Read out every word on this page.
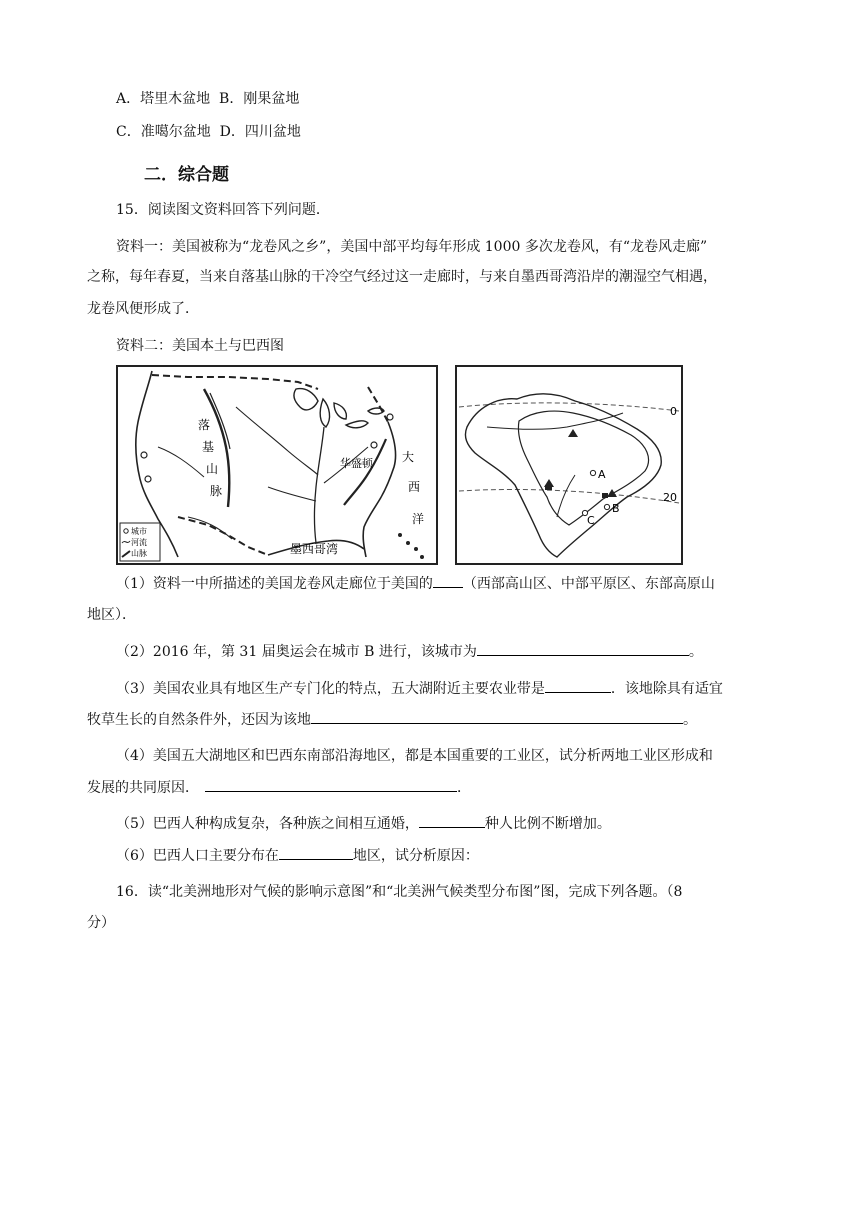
A．塔里木盆地 B．刚果盆地
C．准噶尔盆地 D．四川盆地
二．综合题
15．阅读图文资料回答下列问题．
资料一：美国被称为“龙卷风之乡”，美国中部平均每年形成 1000 多次龙卷风，有“龙卷风走廊”
之称，每年春夏，当来自落基山脉的干冷空气经过这一走廊时，与来自墨西哥湾沿岸的潮湿空气相遇，
龙卷风便形成了．
资料二：美国本土与巴西图
落
基
山
脉
华盛顿 大
西
洋
墨西哥湾
城市
河流
山脉
0
20
A
B
C
（1）资料一中所描述的美国龙卷风走廊位于美国的 （西部高山区、中部平原区、东部高原山
地区）．
（2）2016 年，第 31 届奥运会在城市 B 进行，该城市为	。
（3）美国农业具有地区生产专门化的特点，五大湖附近主要农业带是	．该地除具有适宜
牧草生长的自然条件外，还因为该地	。
（4）美国五大湖地区和巴西东南部沿海地区，都是本国重要的工业区，试分析两地工业区形成和
发展的共同原因．	．
（5）巴西人种构成复杂，各种族之间相互通婚，	种人比例不断增加。
（6）巴西人口主要分布在	地区，试分析原因：
16．读“北美洲地形对气候的影响示意图”和“北美洲气候类型分布图”图，完成下列各题。（8
分）
